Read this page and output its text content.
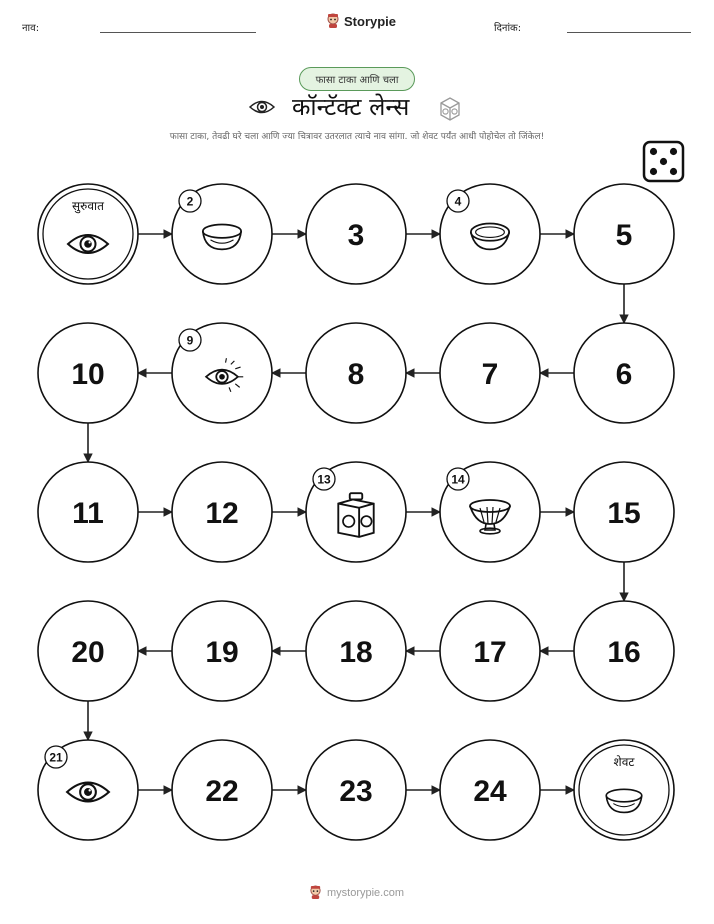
नाव:	Storypie	दिनांक:
फासा टाका आणि चला
कॉन्टॅक्ट लेन्स
फासा टाका, तेवढी घरे चला आणि ज्या चित्रावर उतरलात त्याचे नाव सांगा. जो शेवट पर्यंत आधी पोहोचेल तो जिंकेल!
सुरुवात	2
3
4
5
6
7
8
9
10
11	12
13	14
15
16
17
18
19
20
21
22	23	24
शेवट
mystorypie.com
